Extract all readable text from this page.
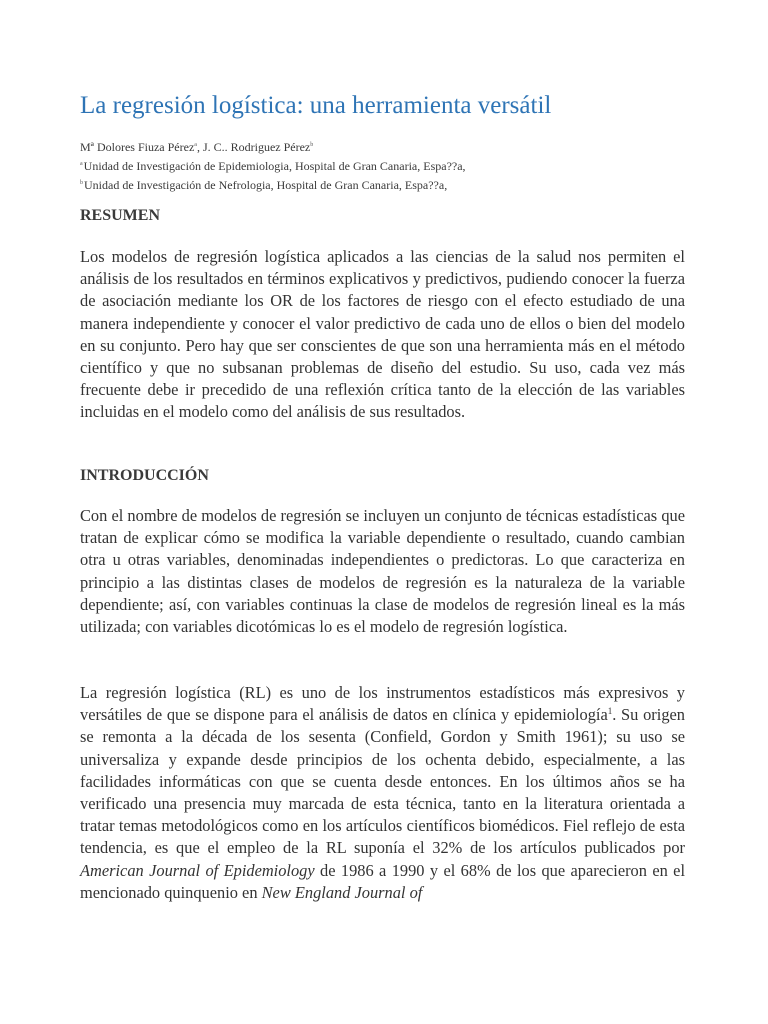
La regresión logística: una herramienta versátil
Mª Dolores Fiuza Pérez$^a$, J. C.. Rodriguez Pérez$^b$
$^a$Unidad de Investigación de Epidemiologia, Hospital de Gran Canaria, Espa??a,
$^b$Unidad de Investigación de Nefrologia, Hospital de Gran Canaria, Espa??a,
RESUMEN

Los modelos de regresión logística aplicados a las ciencias de la salud nos permiten el análisis de los resultados en términos explicativos y predictivos, pudiendo conocer la fuerza de asociación mediante los OR de los factores de riesgo con el efecto estudiado de una manera independiente y conocer el valor predictivo de cada uno de ellos o bien del modelo en su conjunto. Pero hay que ser conscientes de que son una herramienta más en el método científico y que no subsanan problemas de diseño del estudio. Su uso, cada vez más frecuente debe ir precedido de una reflexión crítica tanto de la elección de las variables incluidas en el modelo como del análisis de sus resultados.

INTRODUCCIÓN

Con el nombre de modelos de regresión se incluyen un conjunto de técnicas estadísticas que tratan de explicar cómo se modifica la variable dependiente o resultado, cuando cambian otra u otras variables, denominadas independientes o predictoras. Lo que caracteriza en principio a las distintas clases de modelos de regresión es la naturaleza de la variable dependiente; así, con variables continuas la clase de modelos de regresión lineal es la más utilizada; con variables dicotómicas lo es el modelo de regresión logística.

La regresión logística (RL) es uno de los instrumentos estadísticos más expresivos y versátiles de que se dispone para el análisis de datos en clínica y epidemiología$^1$. Su origen se remonta a la década de los sesenta (Confield, Gordon y Smith 1961); su uso se universaliza y expande desde principios de los ochenta debido, especialmente, a las facilidades informáticas con que se cuenta desde entonces. En los últimos años se ha verificado una presencia muy marcada de esta técnica, tanto en la literatura orientada a tratar temas metodológicos como en los artículos científicos biomédicos. Fiel reflejo de esta tendencia, es que el empleo de la RL suponía el 32% de los artículos publicados por American Journal of Epidemiology de 1986 a 1990 y el 68% de los que aparecieron en el mencionado quinquenio en New England Journal of
